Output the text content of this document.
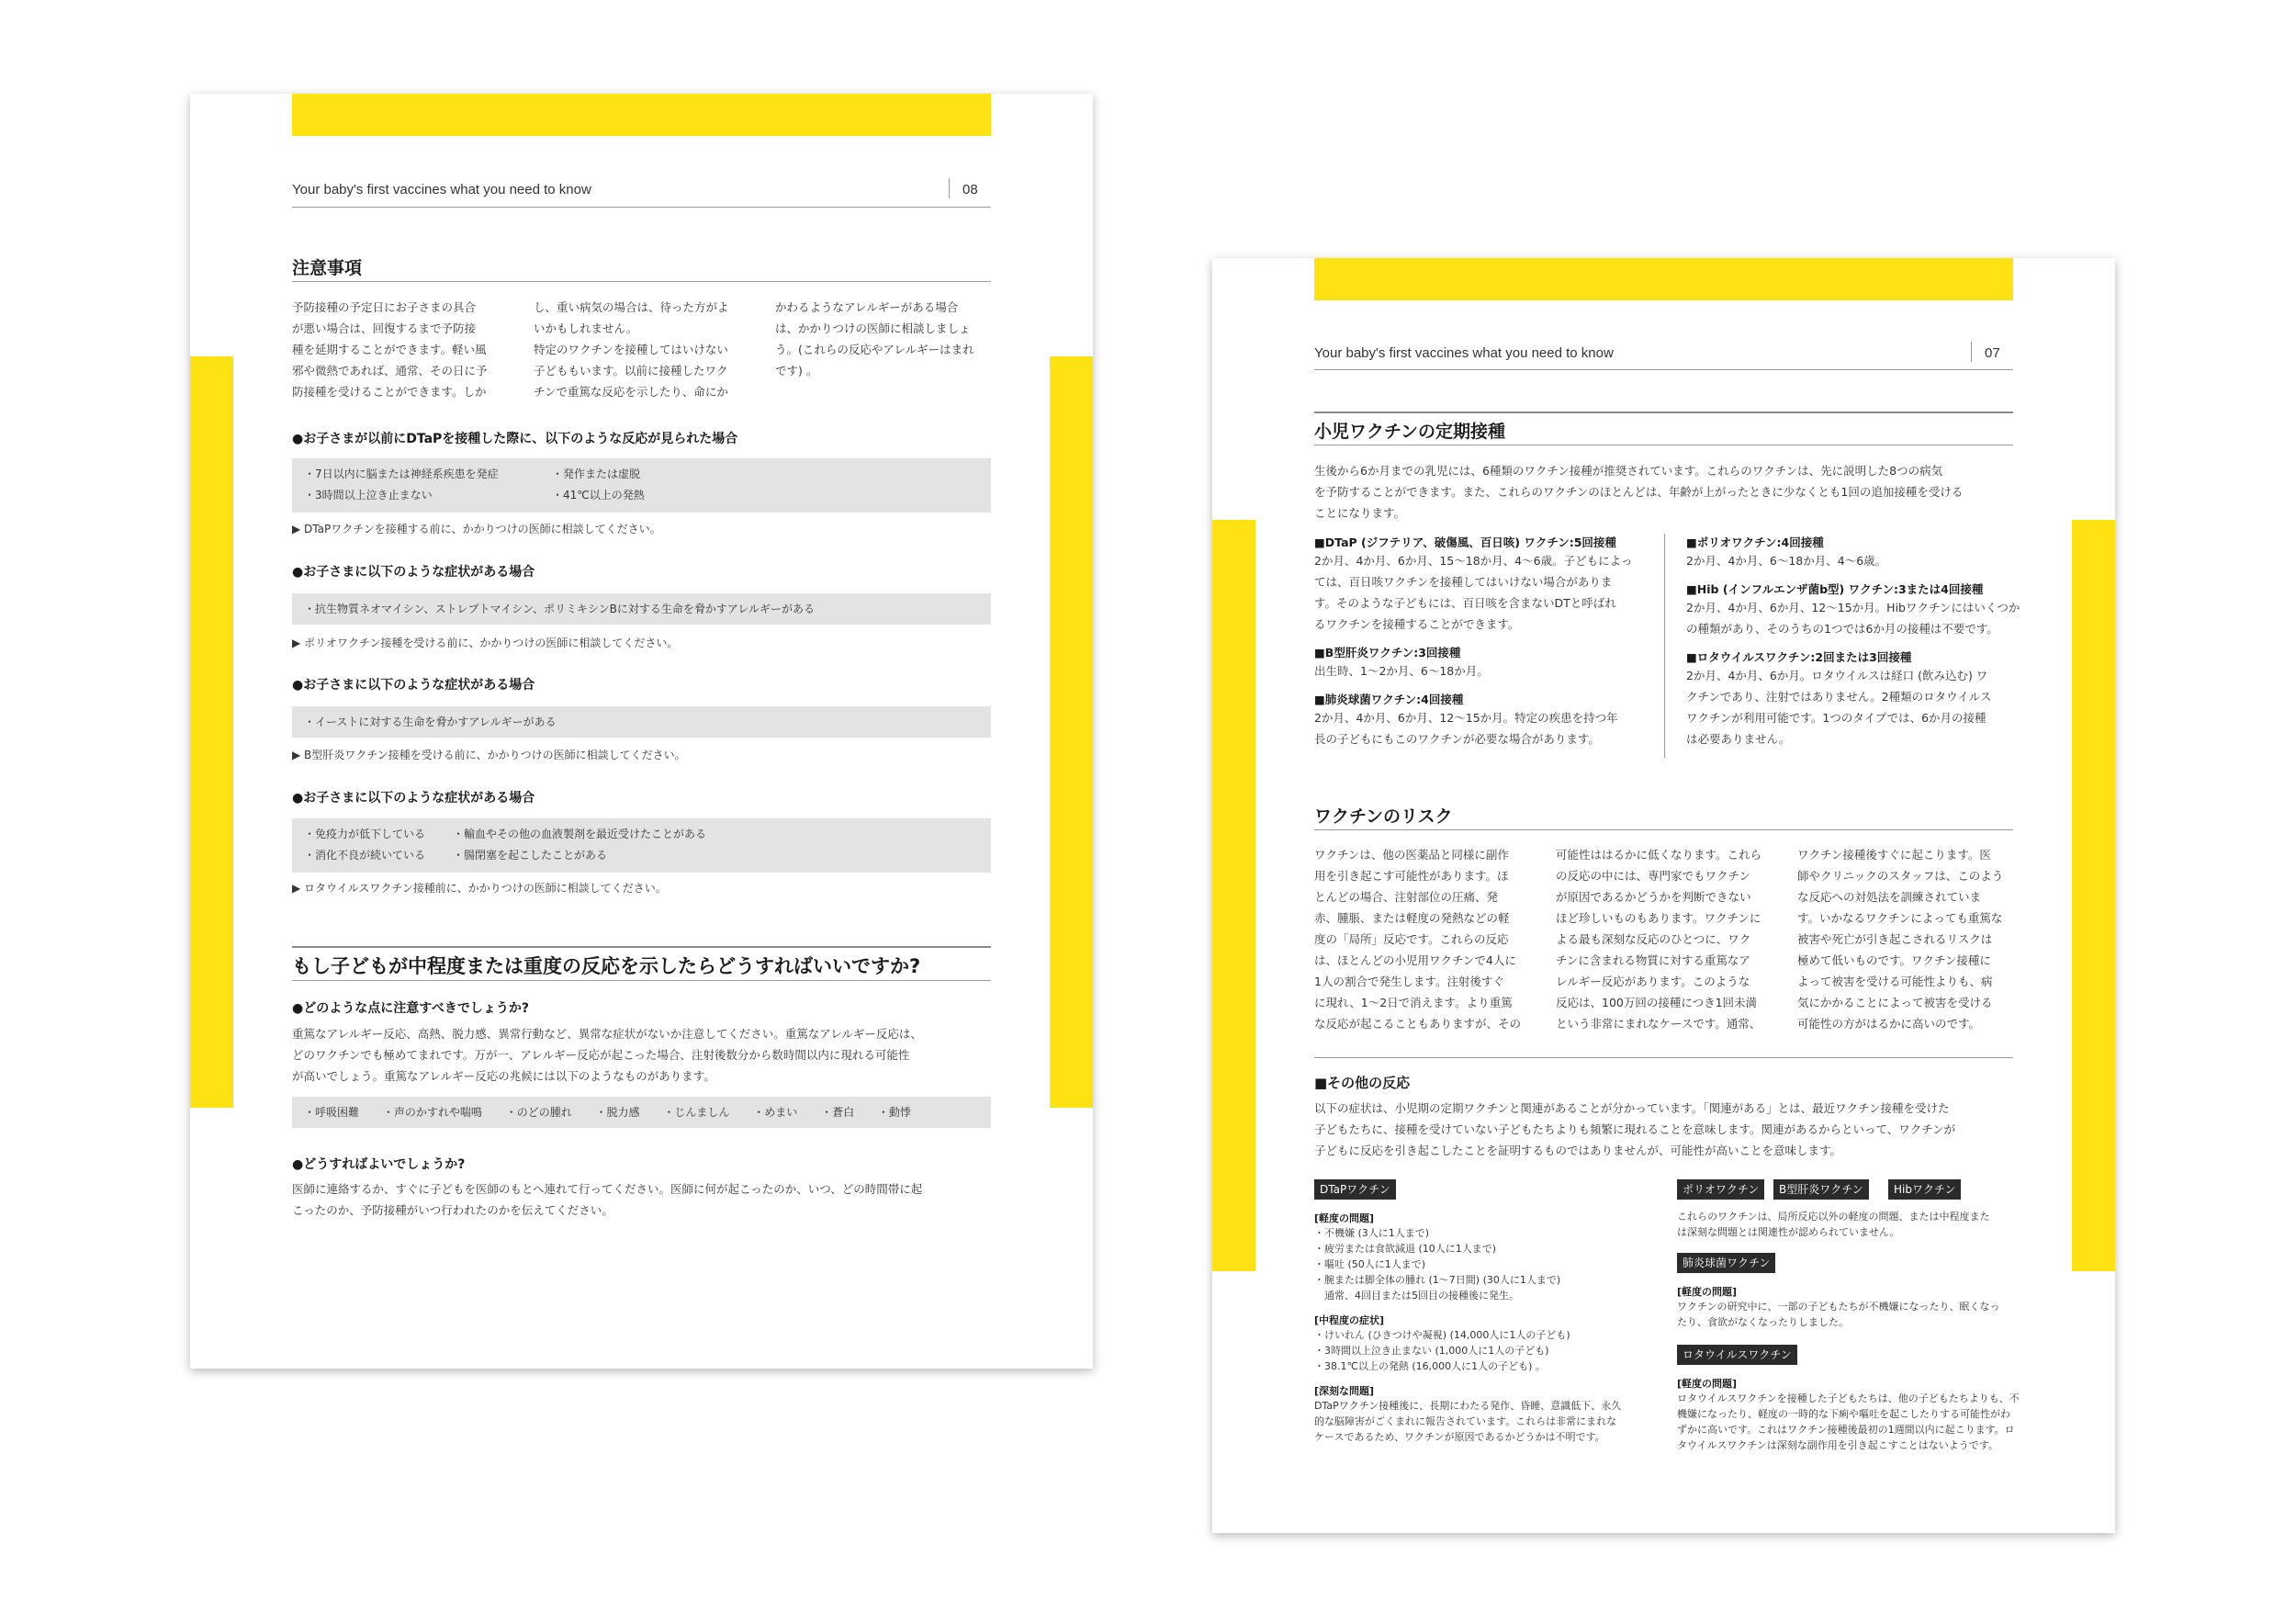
Your baby's first vaccines what you need to know	08
注意事項
予防接種の予定日にお子さまの具合
が悪い場合は、回復するまで予防接
種を延期することができます。軽い風
邪や微熱であれば、通常、その日に予
防接種を受けることができます。しか
し、重い病気の場合は、待った方がよ
いかもしれません。
特定のワクチンを接種してはいけない
子どももいます。以前に接種したワク
チンで重篤な反応を示したり、命にか
かわるようなアレルギーがある場合
は、かかりつけの医師に相談しましょ
う。(これらの反応やアレルギーはまれ
です) 。
●お子さまが以前にDTaPを接種した際に、以下のような反応が見られた場合
・7日以内に脳または神経系疾患を発症	・発作または虚脱
・3時間以上泣き止まない	・41℃以上の発熱
▶ DTaPワクチンを接種する前に、かかりつけの医師に相談してください。
●お子さまに以下のような症状がある場合
・抗生物質ネオマイシン、ストレプトマイシン、ポリミキシンBに対する生命を脅かすアレルギーがある
▶ ポリオワクチン接種を受ける前に、かかりつけの医師に相談してください。
●お子さまに以下のような症状がある場合
・イーストに対する生命を脅かすアレルギーがある
▶ B型肝炎ワクチン接種を受ける前に、かかりつけの医師に相談してください。
●お子さまに以下のような症状がある場合
・免疫力が低下している ・輸血やその他の血液製剤を最近受けたことがある
・消化不良が続いている ・腸閉塞を起こしたことがある
▶ ロタウイルスワクチン接種前に、かかりつけの医師に相談してください。
もし子どもが中程度または重度の反応を示したらどうすればいいですか?
●どのような点に注意すべきでしょうか?
重篤なアレルギー反応、高熱、脱力感、異常行動など、異常な症状がないか注意してください。重篤なアレルギー反応は、
どのワクチンでも極めてまれです。万が一、アレルギー反応が起こった場合、注射後数分から数時間以内に現れる可能性
が高いでしょう。重篤なアレルギー反応の兆候には以下のようなものがあります。
・呼吸困難 ・声のかすれや喘鳴 ・のどの腫れ ・脱力感 ・じんましん ・めまい ・蒼白 ・動悸
●どうすればよいでしょうか?
医師に連絡するか、すぐに子どもを医師のもとへ連れて行ってください。医師に何が起こったのか、いつ、どの時間帯に起
こったのか、予防接種がいつ行われたのかを伝えてください。
Your baby's first vaccines what you need to know	07
小児ワクチンの定期接種
生後から6か月までの乳児には、6種類のワクチン接種が推奨されています。これらのワクチンは、先に説明した8つの病気
を予防することができます。また、これらのワクチンのほとんどは、年齢が上がったときに少なくとも1回の追加接種を受ける
ことになります。
■DTaP (ジフテリア、破傷風、百日咳) ワクチン:5回接種
2か月、4か月、6か月、15〜18か月、4〜6歳。子どもによっ
ては、百日咳ワクチンを接種してはいけない場合がありま
す。そのような子どもには、百日咳を含まないDTと呼ばれ
るワクチンを接種することができます。
■B型肝炎ワクチン:3回接種
出生時、1〜2か月、6〜18か月。
■肺炎球菌ワクチン:4回接種
2か月、4か月、6か月、12〜15か月。特定の疾患を持つ年
長の子どもにもこのワクチンが必要な場合があります。
■ポリオワクチン:4回接種
2か月、4か月、6〜18か月、4〜6歳。
■Hib (インフルエンザ菌b型) ワクチン:3または4回接種
2か月、4か月、6か月、12〜15か月。Hibワクチンにはいくつか
の種類があり、そのうちの1つでは6か月の接種は不要です。
■ロタウイルスワクチン:2回または3回接種
2か月、4か月、6か月。ロタウイルスは経口 (飲み込む) ワ
クチンであり、注射ではありません。2種類のロタウイルス
ワクチンが利用可能です。1つのタイプでは、6か月の接種
は必要ありません。
ワクチンのリスク
ワクチンは、他の医薬品と同様に副作
用を引き起こす可能性があります。ほ
とんどの場合、注射部位の圧痛、発
赤、腫脹、または軽度の発熱などの軽
度の「局所」反応です。これらの反応
は、ほとんどの小児用ワクチンで4人に
1人の割合で発生します。注射後すぐ
に現れ、1〜2日で消えます。より重篤
な反応が起こることもありますが、その
可能性ははるかに低くなります。これら
の反応の中には、専門家でもワクチン
が原因であるかどうかを判断できない
ほど珍しいものもあります。ワクチンに
よる最も深刻な反応のひとつに、ワク
チンに含まれる物質に対する重篤なア
レルギー反応があります。このような
反応は、100万回の接種につき1回未満
という非常にまれなケースです。通常、
ワクチン接種後すぐに起こります。医
師やクリニックのスタッフは、このよう
な反応への対処法を訓練されていま
す。いかなるワクチンによっても重篤な
被害や死亡が引き起こされるリスクは
極めて低いものです。ワクチン接種に
よって被害を受ける可能性よりも、病
気にかかることによって被害を受ける
可能性の方がはるかに高いのです。
■その他の反応
以下の症状は、小児期の定期ワクチンと関連があることが分かっています。「関連がある」とは、最近ワクチン接種を受けた
子どもたちに、接種を受けていない子どもたちよりも頻繁に現れることを意味します。関連があるからといって、ワクチンが
子どもに反応を引き起こしたことを証明するものではありませんが、可能性が高いことを意味します。
DTaPワクチン
[軽度の問題]
・不機嫌 (3人に1人まで)
・疲労または食欲減退 (10人に1人まで)
・嘔吐 (50人に1人まで)
・腕または脚全体の腫れ (1〜7日間) (30人に1人まで)
　通常、4回目または5回目の接種後に発生。
[中程度の症状]
・けいれん (ひきつけや凝視) (14,000人に1人の子ども)
・3時間以上泣き止まない (1,000人に1人の子ども)
・38.1℃以上の発熱 (16,000人に1人の子ども) 。
[深刻な問題]
DTaPワクチン接種後に、長期にわたる発作、昏睡、意識低下、永久
的な脳障害がごくまれに報告されています。これらは非常にまれな
ケースであるため、ワクチンが原因であるかどうかは不明です。
ポリオワクチン	B型肝炎ワクチン	Hibワクチン
これらのワクチンは、局所反応以外の軽度の問題、または中程度また
は深刻な問題とは関連性が認められていません。
肺炎球菌ワクチン
[軽度の問題]
ワクチンの研究中に、一部の子どもたちが不機嫌になったり、眠くなっ
たり、食欲がなくなったりしました。
ロタウイルスワクチン
[軽度の問題]
ロタウイルスワクチンを接種した子どもたちは、他の子どもたちよりも、不
機嫌になったり、軽度の一時的な下痢や嘔吐を起こしたりする可能性がわ
ずかに高いです。これはワクチン接種後最初の1週間以内に起こります。ロ
タウイルスワクチンは深刻な副作用を引き起こすことはないようです。
